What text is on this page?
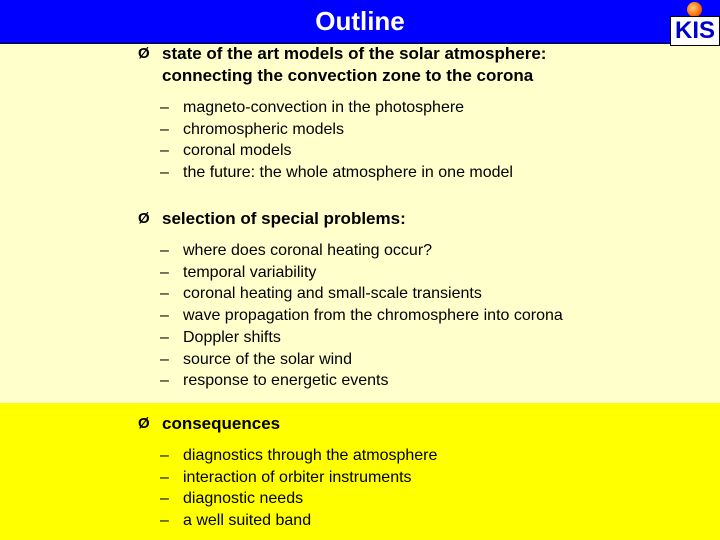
Outline	KIS
Ø state of the art models of the solar atmosphere:
connecting the convection zone to the corona
– magneto-convection in the photosphere
– chromospheric models
– coronal models
– the future: the whole atmosphere in one model
Ø selection of special problems:
– where does coronal heating occur?
– temporal variability
– coronal heating and small-scale transients
– wave propagation from the chromosphere into corona
– Doppler shifts
– source of the solar wind
– response to energetic events
Ø consequences
– diagnostics through the atmosphere
– interaction of orbiter instruments
– diagnostic needs
– a well suited band
